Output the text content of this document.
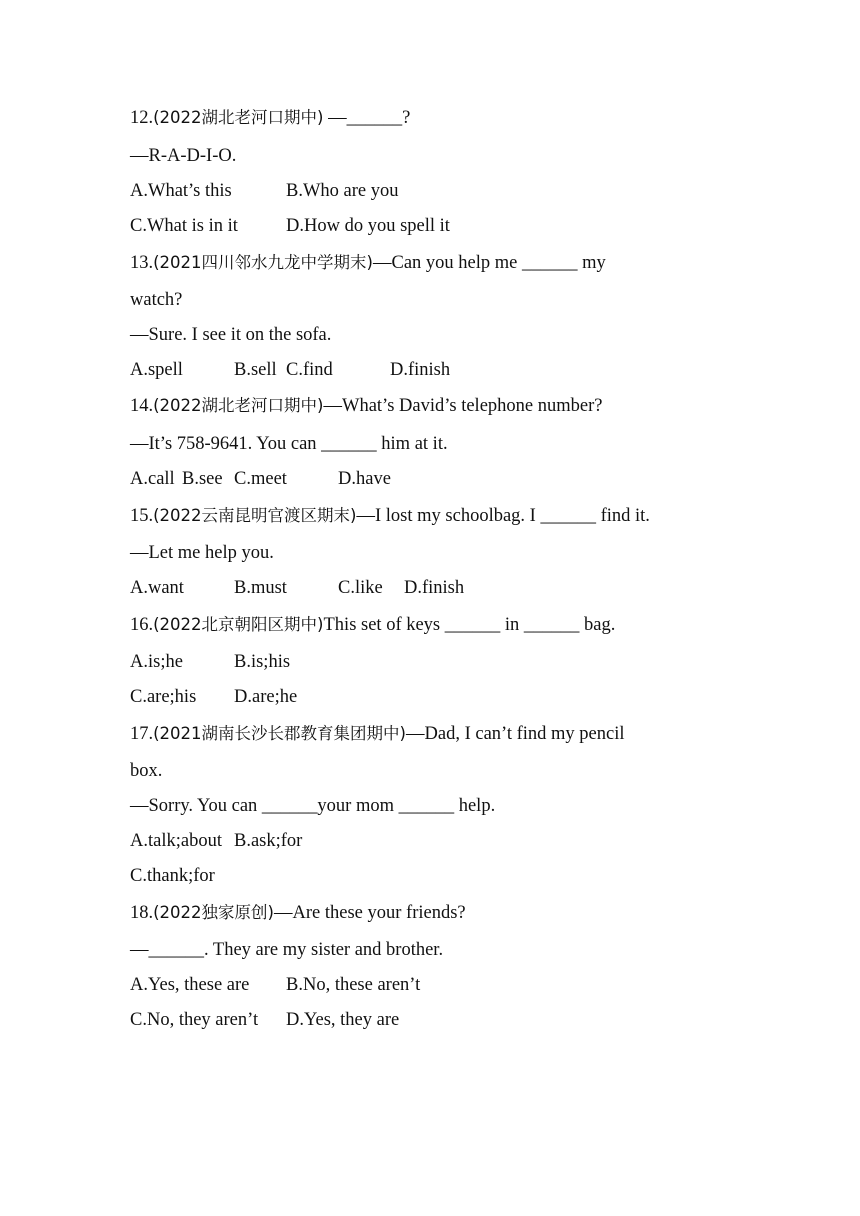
12.(2022湖北老河口期中) —______?
—R-A-D-I-O.
A.What’s this	B.Who are you
C.What is in it	D.How do you spell it
13.(2021四川邻水九龙中学期末)—Can you help me ______ my
watch?
—Sure. I see it on the sofa.
A.spell	B.sell C.find	D.finish
14.(2022湖北老河口期中)—What’s David’s telephone number?
—It’s 758-9641. You can ______ him at it.
A.call B.see C.meet	D.have
15.(2022云南昆明官渡区期末)—I lost my schoolbag. I ______ find it.
—Let me help you.
A.want	B.must	C.like D.finish
16.(2022北京朝阳区期中)This set of keys ______ in ______ bag.
A.is;he	B.is;his
C.are;his D.are;he
17.(2021湖南长沙长郡教育集团期中)—Dad, I can’t find my pencil
box.
—Sorry. You can ______your mom ______ help.
A.talk;about B.ask;for
C.thank;for
18.(2022独家原创)—Are these your friends?
—______. They are my sister and brother.
A.Yes, these are B.No, these aren’t
C.No, they aren’t D.Yes, they are
